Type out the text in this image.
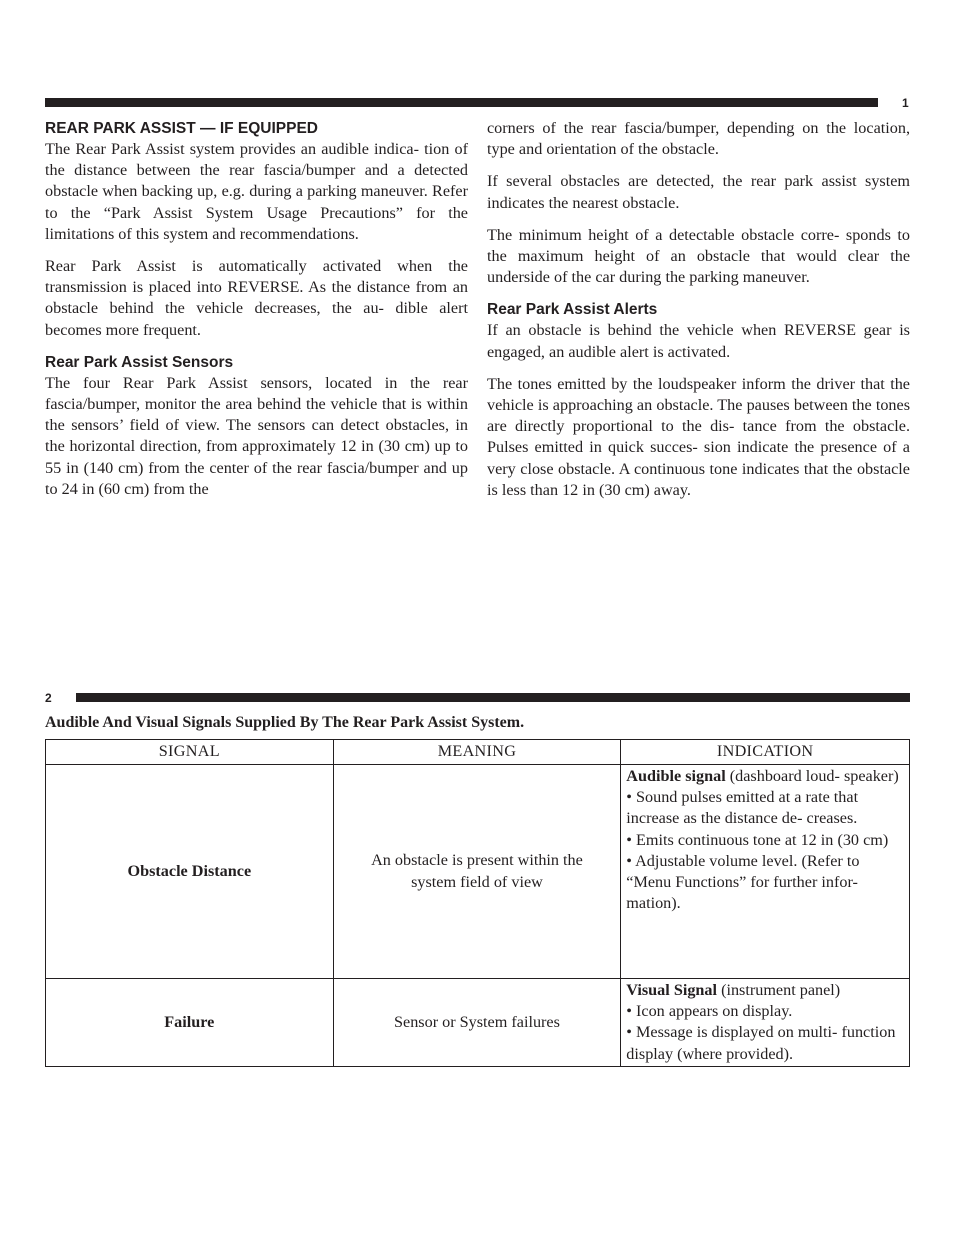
1
REAR PARK ASSIST — IF EQUIPPED

The Rear Park Assist system provides an audible indica- tion of the distance between the rear fascia/bumper and a detected obstacle when backing up, e.g. during a parking maneuver. Refer to the “Park Assist System Usage Precautions” for the limitations of this system and recommendations.

Rear Park Assist is automatically activated when the transmission is placed into REVERSE. As the distance from an obstacle behind the vehicle decreases, the au- dible alert becomes more frequent.

Rear Park Assist Sensors

The four Rear Park Assist sensors, located in the rear fascia/bumper, monitor the area behind the vehicle that is within the sensors’ field of view. The sensors can detect obstacles, in the horizontal direction, from approximately 12 in (30 cm) up to 55 in (140 cm) from the center of the rear fascia/bumper and up to 24 in (60 cm) from the

corners of the rear fascia/bumper, depending on the location, type and orientation of the obstacle.

If several obstacles are detected, the rear park assist system indicates the nearest obstacle.

The minimum height of a detectable obstacle corre- sponds to the maximum height of an obstacle that would clear the underside of the car during the parking maneuver.

Rear Park Assist Alerts

If an obstacle is behind the vehicle when REVERSE gear is engaged, an audible alert is activated.

The tones emitted by the loudspeaker inform the driver that the vehicle is approaching an obstacle. The pauses between the tones are directly proportional to the dis- tance from the obstacle. Pulses emitted in quick succes- sion indicate the presence of a very close obstacle. A continuous tone indicates that the obstacle is less than 12 in (30 cm) away.

2
Audible And Visual Signals Supplied By The Rear Park Assist System.
SIGNAL	MEANING	INDICATION
Obstacle Distance	An obstacle is present within the system field of view	Audible signal (dashboard loud- speaker)
• Sound pulses emitted at a rate that increase as the distance de- creases.
• Emits continuous tone at 12 in (30 cm)
• Adjustable volume level. (Refer to “Menu Functions” for further infor- mation).

Failure	Sensor or System failures	Visual Signal (instrument panel)
• Icon appears on display.
• Message is displayed on multi- function display (where provided).
